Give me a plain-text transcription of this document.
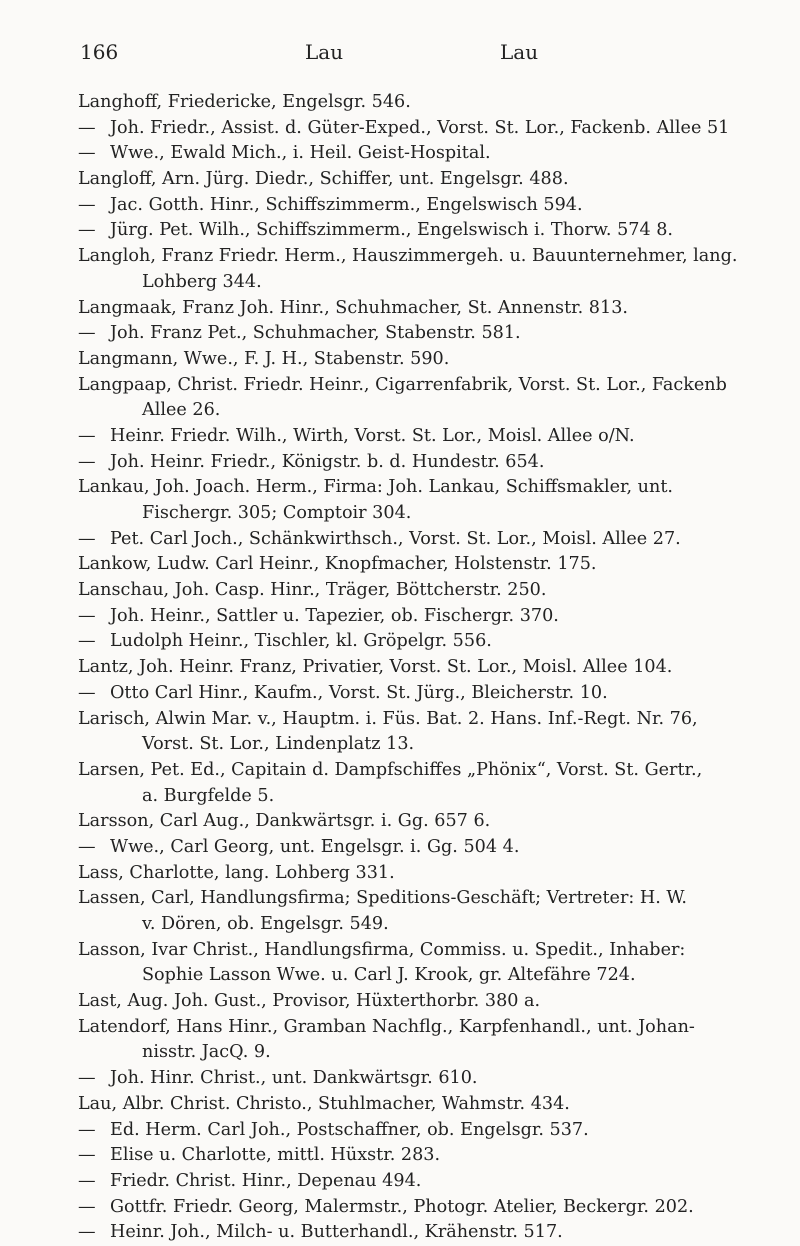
166	Lau	Lau
Langhoff, Friedericke, Engelsgr. 546.
— Joh. Friedr., Assist. d. Güter-Exped., Vorst. St. Lor., Fackenb. Allee 51
— Wwe., Ewald Mich., i. Heil. Geist-Hospital.
Langloff, Arn. Jürg. Diedr., Schiffer, unt. Engelsgr. 488.
— Jac. Gotth. Hinr., Schiffszimmerm., Engelswisch 594.
— Jürg. Pet. Wilh., Schiffszimmerm., Engelswisch i. Thorw. 574 8.
Langloh, Franz Friedr. Herm., Hauszimmergeh. u. Bauunternehmer, lang.
Lohberg 344.
Langmaak, Franz Joh. Hinr., Schuhmacher, St. Annenstr. 813.
— Joh. Franz Pet., Schuhmacher, Stabenstr. 581.
Langmann, Wwe., F. J. H., Stabenstr. 590.
Langpaap, Christ. Friedr. Heinr., Cigarrenfabrik, Vorst. St. Lor., Fackenb
Allee 26.
— Heinr. Friedr. Wilh., Wirth, Vorst. St. Lor., Moisl. Allee o/N.
— Joh. Heinr. Friedr., Königstr. b. d. Hundestr. 654.
Lankau, Joh. Joach. Herm., Firma: Joh. Lankau, Schiffsmakler, unt.
Fischergr. 305; Comptoir 304.
— Pet. Carl Joch., Schänkwirthsch., Vorst. St. Lor., Moisl. Allee 27.
Lankow, Ludw. Carl Heinr., Knopfmacher, Holstenstr. 175.
Lanschau, Joh. Casp. Hinr., Träger, Böttcherstr. 250.
— Joh. Heinr., Sattler u. Tapezier, ob. Fischergr. 370.
— Ludolph Heinr., Tischler, kl. Gröpelgr. 556.
Lantz, Joh. Heinr. Franz, Privatier, Vorst. St. Lor., Moisl. Allee 104.
— Otto Carl Hinr., Kaufm., Vorst. St. Jürg., Bleicherstr. 10.
Larisch, Alwin Mar. v., Hauptm. i. Füs. Bat. 2. Hans. Inf.-Regt. Nr. 76,
Vorst. St. Lor., Lindenplatz 13.
Larsen, Pet. Ed., Capitain d. Dampfschiffes „Phönix“, Vorst. St. Gertr.,
a. Burgfelde 5.
Larsson, Carl Aug., Dankwärtsgr. i. Gg. 657 6.
— Wwe., Carl Georg, unt. Engelsgr. i. Gg. 504 4.
Lass, Charlotte, lang. Lohberg 331.
Lassen, Carl, Handlungsfirma; Speditions-Geschäft; Vertreter: H. W.
v. Dören, ob. Engelsgr. 549.
Lasson, Ivar Christ., Handlungsfirma, Commiss. u. Spedit., Inhaber:
Sophie Lasson Wwe. u. Carl J. Krook, gr. Altefähre 724.
Last, Aug. Joh. Gust., Provisor, Hüxterthorbr. 380 a.
Latendorf, Hans Hinr., Gramban Nachflg., Karpfenhandl., unt. Johan-
nisstr. JacQ. 9.
— Joh. Hinr. Christ., unt. Dankwärtsgr. 610.
Lau, Albr. Christ. Christo., Stuhlmacher, Wahmstr. 434.
— Ed. Herm. Carl Joh., Postschaffner, ob. Engelsgr. 537.
— Elise u. Charlotte, mittl. Hüxstr. 283.
— Friedr. Christ. Hinr., Depenau 494.
— Gottfr. Friedr. Georg, Malermstr., Photogr. Atelier, Beckergr. 202.
— Heinr. Joh., Milch- u. Butterhandl., Krähenstr. 517.
